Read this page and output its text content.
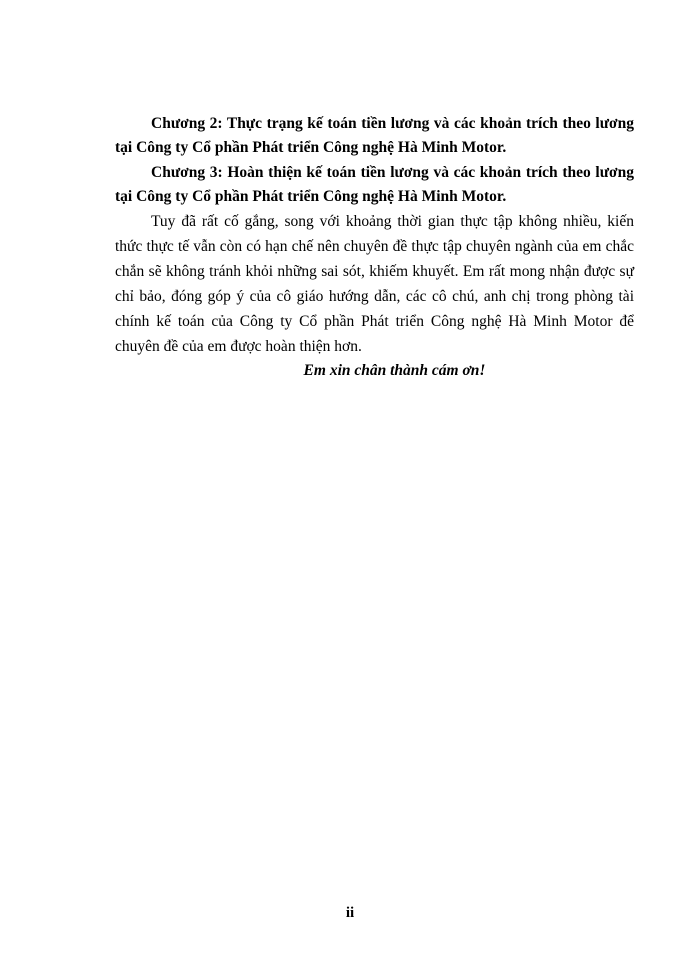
Chương 2: Thực trạng kế toán tiền lương và các khoản trích theo lương tại Công ty Cổ phần Phát triển Công nghệ Hà Minh Motor.

Chương 3: Hoàn thiện kế toán tiền lương và các khoản trích theo lương tại Công ty Cổ phần Phát triển Công nghệ Hà Minh Motor.

Tuy đã rất cố gắng, song với khoảng thời gian thực tập không nhiều, kiến thức thực tế vẫn còn có hạn chế nên chuyên đề thực tập chuyên ngành của em chắc chắn sẽ không tránh khỏi những sai sót, khiếm khuyết. Em rất mong nhận được sự chỉ bảo, đóng góp ý của cô giáo hướng dẫn, các cô chú, anh chị trong phòng tài chính kế toán của Công ty Cổ phần Phát triển Công nghệ Hà Minh Motor để chuyên đề của em được hoàn thiện hơn.

Em xin chân thành cám ơn!

ii
